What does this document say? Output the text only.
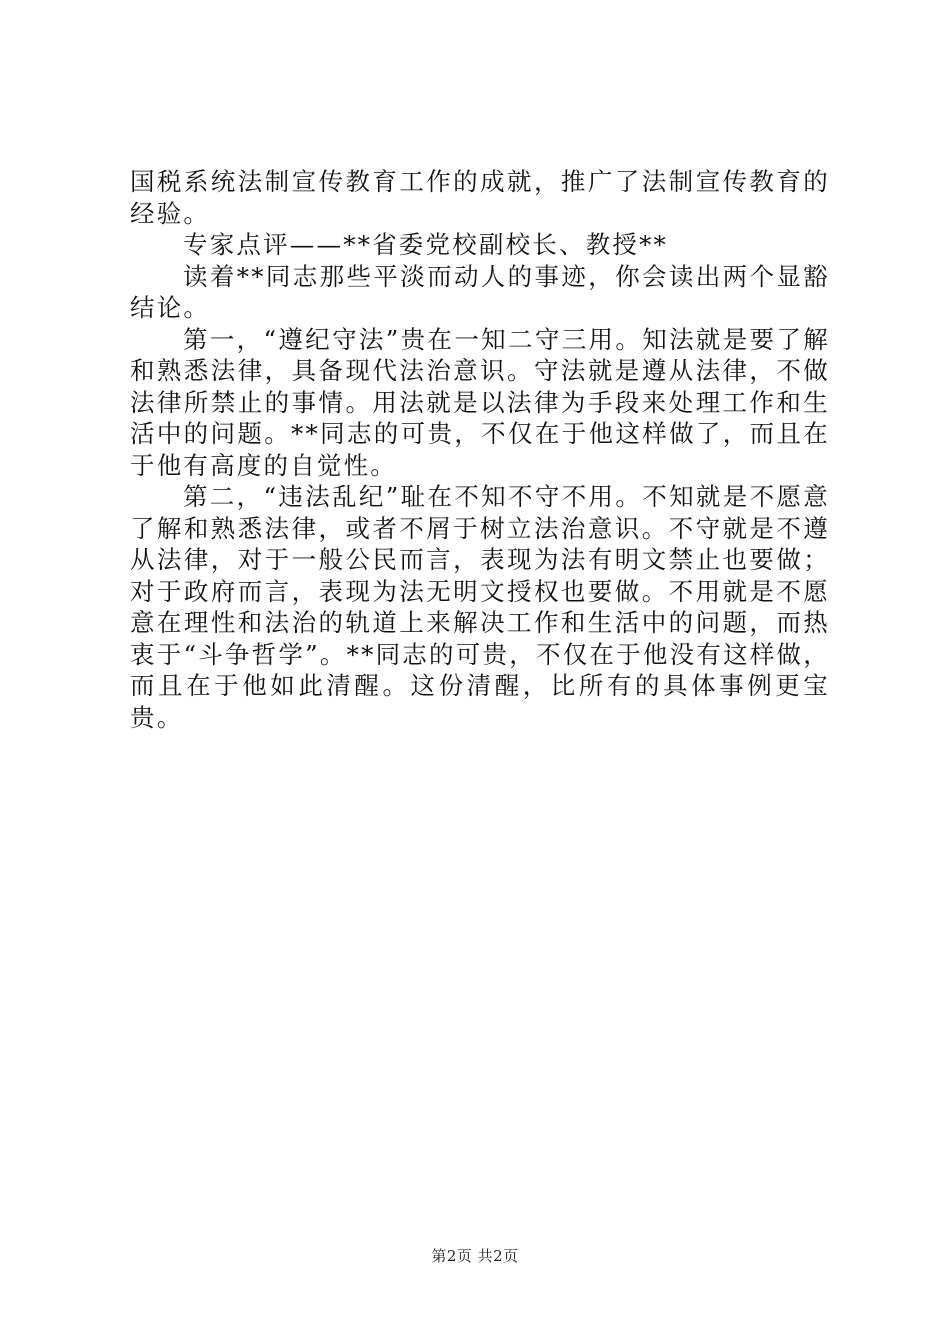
国税系统法制宣传教育工作的成就，推广了法制宣传教育的经验。

专家点评——**省委党校副校长、教授**

读着**同志那些平淡而动人的事迹，你会读出两个显豁结论。

第一，“遵纪守法”贵在一知二守三用。知法就是要了解和熟悉法律，具备现代法治意识。守法就是遵从法律，不做法律所禁止的事情。用法就是以法律为手段来处理工作和生活中的问题。**同志的可贵，不仅在于他这样做了，而且在于他有高度的自觉性。

第二，“违法乱纪”耻在不知不守不用。不知就是不愿意了解和熟悉法律，或者不屑于树立法治意识。不守就是不遵从法律，对于一般公民而言，表现为法有明文禁止也要做；对于政府而言，表现为法无明文授权也要做。不用就是不愿意在理性和法治的轨道上来解决工作和生活中的问题，而热衷于“斗争哲学”。**同志的可贵，不仅在于他没有这样做，而且在于他如此清醒。这份清醒，比所有的具体事例更宝贵。

第2页 共2页
